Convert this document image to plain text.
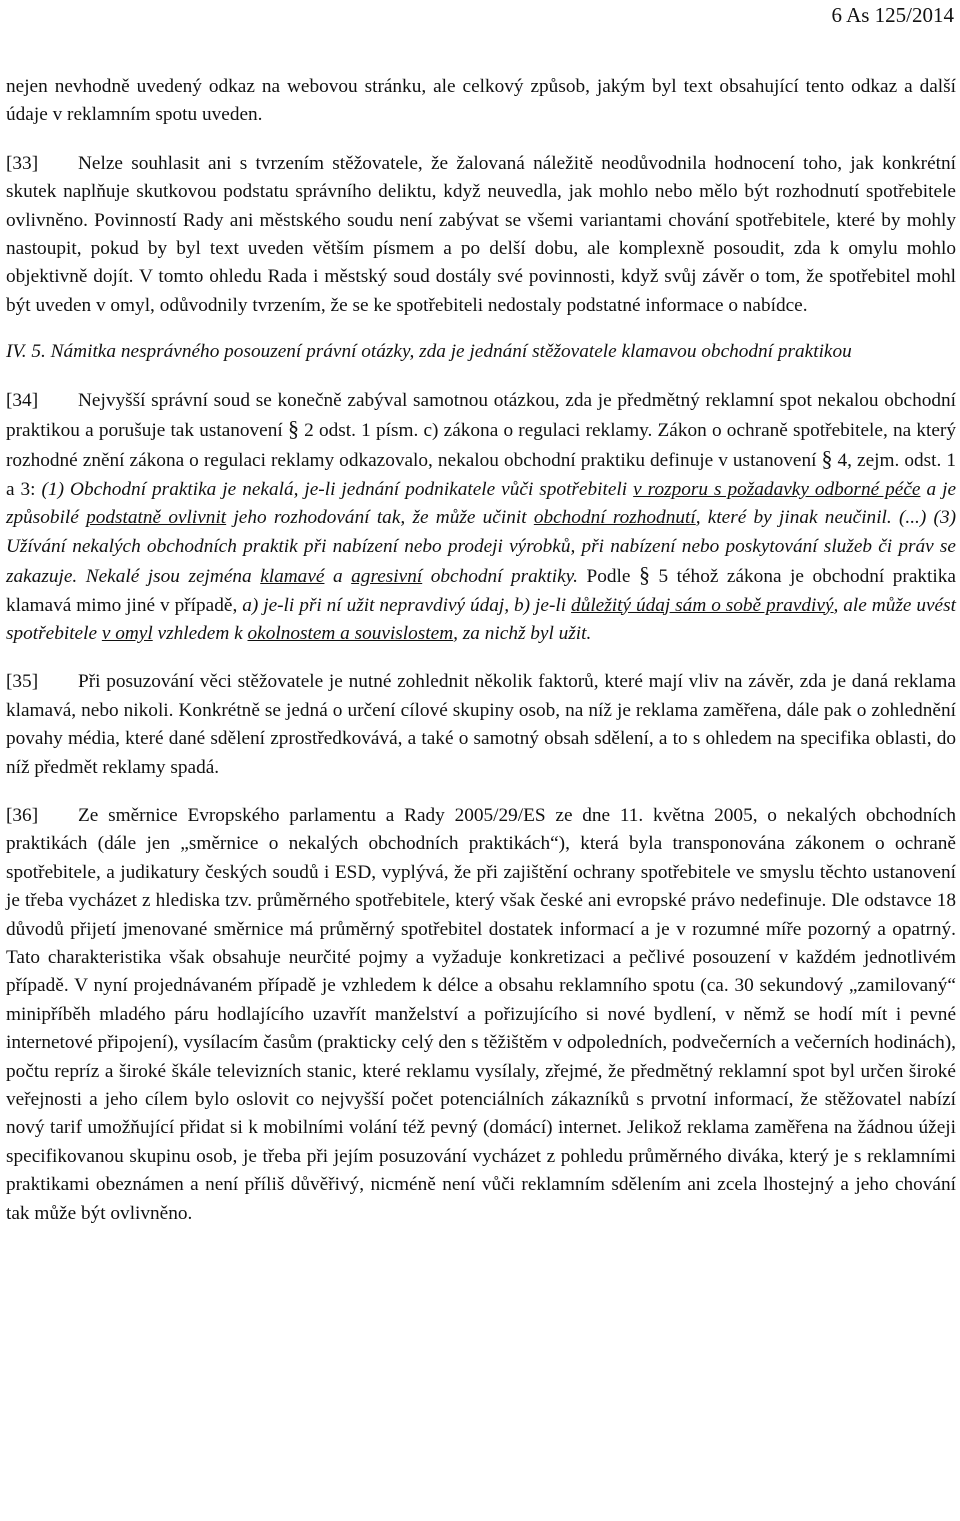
6 As 125/2014

nejen nevhodně uvedený odkaz na webovou stránku, ale celkový způsob, jakým byl text obsahující tento odkaz a další údaje v reklamním spotu uveden.

[33] Nelze souhlasit ani s tvrzením stěžovatele, že žalovaná náležitě neodůvodnila hodnocení toho, jak konkrétní skutek naplňuje skutkovou podstatu správního deliktu, když neuvedla, jak mohlo nebo mělo být rozhodnutí spotřebitele ovlivněno. Povinností Rady ani městského soudu není zabývat se všemi variantami chování spotřebitele, které by mohly nastoupit, pokud by byl text uveden větším písmem a po delší dobu, ale komplexně posoudit, zda k omylu mohlo objektivně dojít. V tomto ohledu Rada i městský soud dostály své povinnosti, když svůj závěr o tom, že spotřebitel mohl být uveden v omyl, odůvodnily tvrzením, že se ke spotřebiteli nedostaly podstatné informace o nabídce.

IV. 5. Námitka nesprávného posouzení právní otázky, zda je jednání stěžovatele klamavou obchodní praktikou

[34] Nejvyšší správní soud se konečně zabýval samotnou otázkou, zda je předmětný reklamní spot nekalou obchodní praktikou a porušuje tak ustanovení § 2 odst. 1 písm. c) zákona o regulaci reklamy. Zákon o ochraně spotřebitele, na který rozhodné znění zákona o regulaci reklamy odkazovalo, nekalou obchodní praktiku definuje v ustanovení § 4, zejm. odst. 1 a 3: (1) Obchodní praktika je nekalá, je-li jednání podnikatele vůči spotřebiteli v rozporu s požadavky odborné péče a je způsobilé podstatně ovlivnit jeho rozhodování tak, že může učinit obchodní rozhodnutí, které by jinak neučinil. (...) (3) Užívání nekalých obchodních praktik při nabízení nebo prodeji výrobků, při nabízení nebo poskytování služeb či práv se zakazuje. Nekalé jsou zejména klamavé a agresivní obchodní praktiky. Podle § 5 téhož zákona je obchodní praktika klamavá mimo jiné v případě, a) je-li při ní užit nepravdivý údaj, b) je-li důležitý údaj sám o sobě pravdivý, ale může uvést spotřebitele v omyl vzhledem k okolnostem a souvislostem, za nichž byl užit.

[35] Při posuzování věci stěžovatele je nutné zohlednit několik faktorů, které mají vliv na závěr, zda je daná reklama klamavá, nebo nikoli. Konkrétně se jedná o určení cílové skupiny osob, na níž je reklama zaměřena, dále pak o zohlednění povahy média, které dané sdělení zprostředkovává, a také o samotný obsah sdělení, a to s ohledem na specifika oblasti, do níž předmět reklamy spadá.

[36] Ze směrnice Evropského parlamentu a Rady 2005/29/ES ze dne 11. května 2005, o nekalých obchodních praktikách (dále jen „směrnice o nekalých obchodních praktikách“), která byla transponována zákonem o ochraně spotřebitele, a judikatury českých soudů i ESD, vyplývá, že při zajištění ochrany spotřebitele ve smyslu těchto ustanovení je třeba vycházet z hlediska tzv. průměrného spotřebitele, který však české ani evropské právo nedefinuje. Dle odstavce 18 důvodů přijetí jmenované směrnice má průměrný spotřebitel dostatek informací a je v rozumné míře pozorný a opatrný. Tato charakteristika však obsahuje neurčité pojmy a vyžaduje konkretizaci a pečlivé posouzení v každém jednotlivém případě. V nyní projednávaném případě je vzhledem k délce a obsahu reklamního spotu (ca. 30 sekundový „zamilovaný“ minipříběh mladého páru hodlajícího uzavřít manželství a pořizujícího si nové bydlení, v němž se hodí mít i pevné internetové připojení), vysílacím časům (prakticky celý den s těžištěm v odpoledních, podvečerních a večerních hodinách), počtu repríz a široké škále televizních stanic, které reklamu vysílaly, zřejmé, že předmětný reklamní spot byl určen široké veřejnosti a jeho cílem bylo oslovit co nejvyšší počet potenciálních zákazníků s prvotní informací, že stěžovatel nabízí nový tarif umožňující přidat si k mobilními volání též pevný (domácí) internet. Jelikož reklama zaměřena na žádnou úžeji specifikovanou skupinu osob, je třeba při jejím posuzování vycházet z pohledu průměrného diváka, který je s reklamními praktikami obeznámen a není příliš důvěřivý, nicméně není vůči reklamním sdělením ani zcela lhostejný a jeho chování tak může být ovlivněno.
